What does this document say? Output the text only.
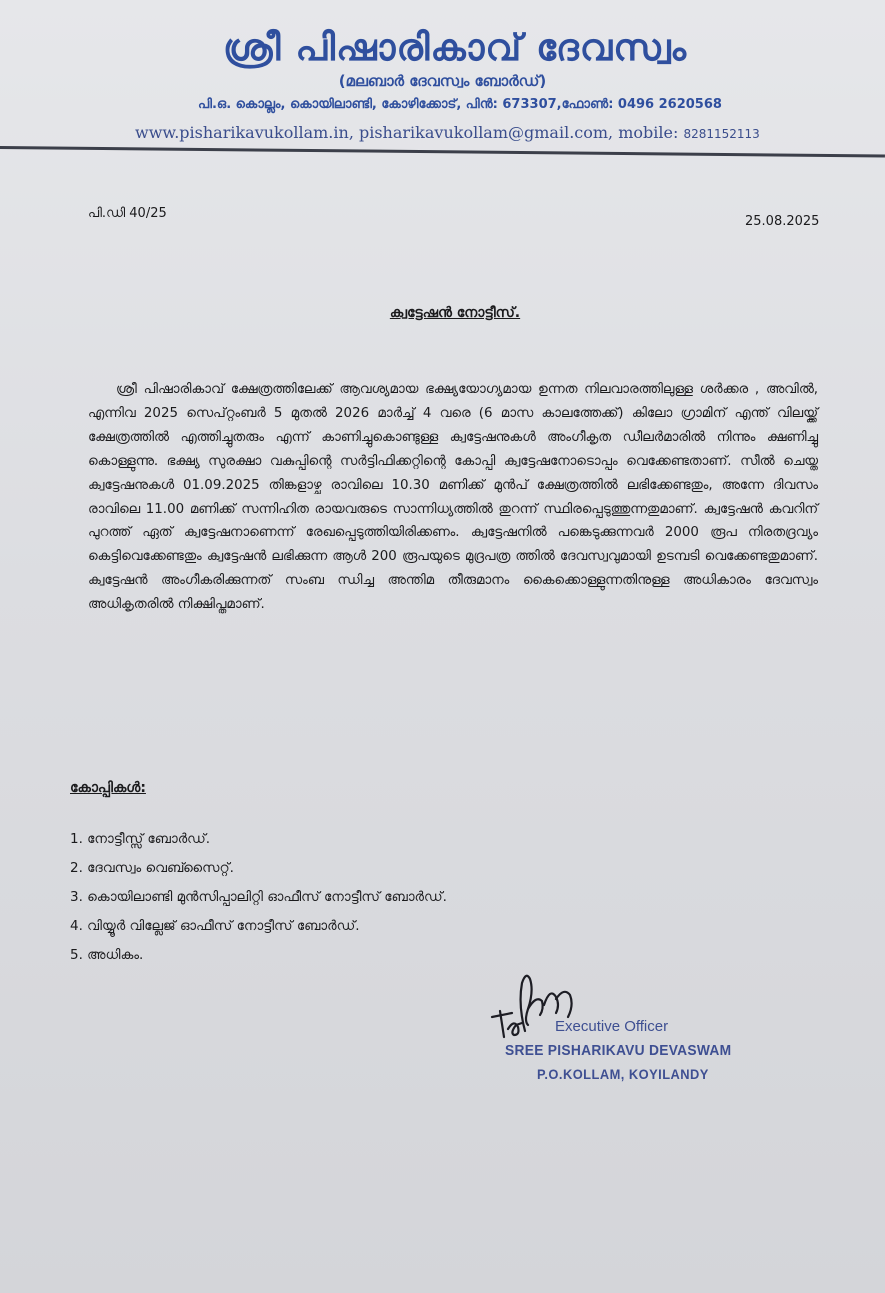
ശ്രീ പിഷാരികാവ് ദേവസ്വം
(മലബാർ ദേവസ്വം ബോർഡ്)
പി.ഒ. കൊല്ലം, കൊയിലാണ്ടി, കോഴിക്കോട്, പിൻ: 673307,ഫോൺ: 0496 2620568
www.pisharikavukollam.in, pisharikavukollam@gmail.com, mobile: 8281152113
പി.ഡി 40/25
25.08.2025
ക്വട്ടേഷൻ നോട്ടീസ്.
ശ്രീ പിഷാരികാവ് ക്ഷേത്രത്തിലേക്ക് ആവശ്യമായ ഭക്ഷ്യയോഗ്യമായ ഉന്നത നിലവാരത്തിലുള്ള ശർക്കര , അവിൽ, എന്നിവ 2025 സെപ്റ്റംബർ 5 മുതൽ 2026 മാർച്ച് 4 വരെ (6 മാസ കാലത്തേക്ക്) കിലോ ഗ്രാമിന് എന്ത് വിലയ്ക്ക് ക്ഷേത്രത്തിൽ എത്തിച്ചുതരും എന്ന് കാണിച്ചുകൊണ്ടുള്ള ക്വട്ടേഷനുകൾ അംഗീകൃത ഡീലർമാരിൽ നിന്നും ക്ഷണിച്ചു കൊള്ളുന്നു. ഭക്ഷ്യ സുരക്ഷാ വകുപ്പിന്റെ സർട്ടിഫിക്കറ്റിന്റെ കോപ്പി ക്വട്ടേഷനോടൊപ്പം വെക്കേണ്ടതാണ്. സീൽ ചെയ്ത ക്വട്ടേഷനുകൾ 01.09.2025 തിങ്കളാഴ്ച രാവിലെ 10.30 മണിക്ക് മുൻപ് ക്ഷേത്രത്തിൽ ലഭിക്കേണ്ടതും, അന്നേ ദിവസം രാവിലെ 11.00 മണിക്ക് സന്നിഹിത രായവരുടെ സാന്നിധ്യത്തിൽ തുറന്ന് സ്ഥിരപ്പെടുത്തുന്നതുമാണ്. ക്വട്ടേഷൻ കവറിന് പുറത്ത് ഏത് ക്വട്ടേഷനാണെന്ന് രേഖപ്പെടുത്തിയിരിക്കണം. ക്വട്ടേഷനിൽ പങ്കെടുക്കുന്നവർ 2000 രൂപ നിരതദ്രവ്യം കെട്ടിവെക്കേണ്ടതും ക്വട്ടേഷൻ ലഭിക്കുന്ന ആൾ 200 രൂപയുടെ മുദ്രപത്ര ത്തിൽ ദേവസ്വവുമായി ഉടമ്പടി വെക്കേണ്ടതുമാണ്. ക്വട്ടേഷൻ അംഗീകരിക്കുന്നത് സംബ ന്ധിച്ച അന്തിമ തീരുമാനം കൈക്കൊള്ളുന്നതിനുള്ള അധികാരം ദേവസ്വം അധികൃതരിൽ നിക്ഷിപ്തമാണ്.
കോപ്പികൾ:
1. നോട്ടീസ്സ് ബോർഡ്.
2. ദേവസ്വം വെബ്സൈറ്റ്.
3. കൊയിലാണ്ടി മുൻസിപ്പാലിറ്റി ഓഫീസ് നോട്ടീസ് ബോർഡ്.
4. വിയ്യൂർ വില്ലേജ് ഓഫീസ് നോട്ടീസ് ബോർഡ്.
5. അധികം.
Executive Officer
SREE PISHARIKAVU DEVASWAM
P.O.KOLLAM, KOYILANDY
